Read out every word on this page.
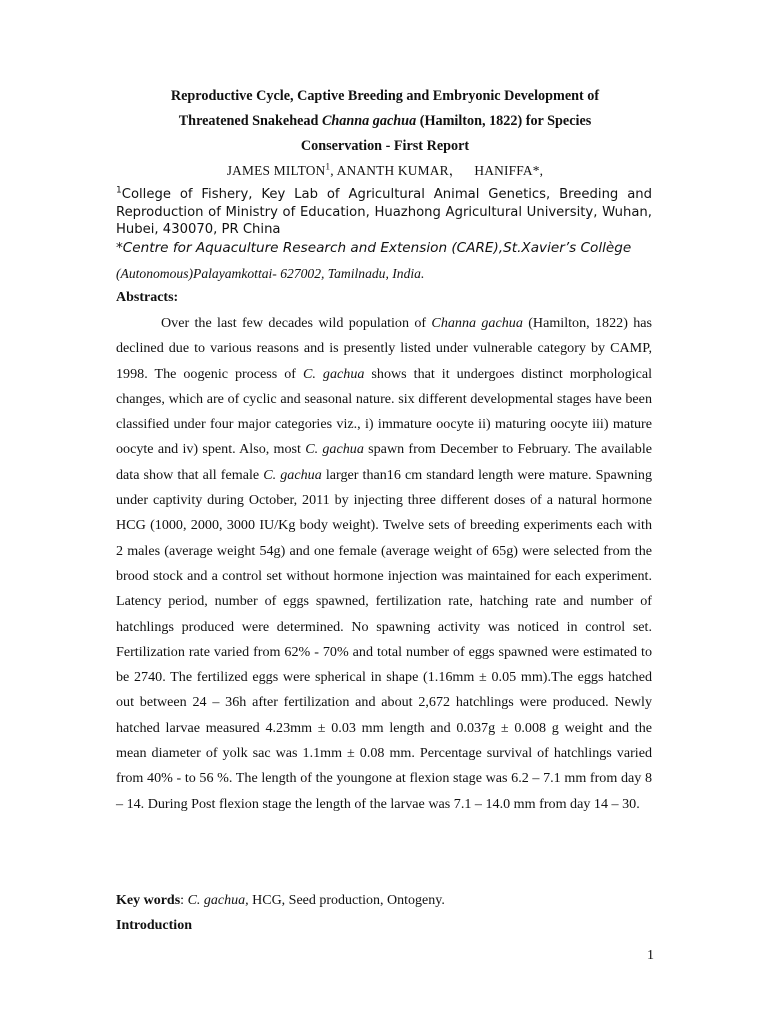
Reproductive Cycle, Captive Breeding and Embryonic Development of
Threatened Snakehead Channa gachua (Hamilton, 1822) for Species
Conservation - First Report
JAMES MILTON$^1$, ANANTH KUMAR， HANIFFA*,
$^1$College of Fishery, Key Lab of Agricultural Animal Genetics, Breeding and Reproduction of Ministry of Education, Huazhong Agricultural University, Wuhan, Hubei, 430070, PR China
*Centre for Aquaculture Research and Extension (CARE),St.Xavier’s Collège
(Autonomous)Palayamkottai- 627002, Tamilnadu, India.
Abstracts:

Over the last few decades wild population of Channa gachua (Hamilton, 1822) has declined due to various reasons and is presently listed under vulnerable category by CAMP, 1998. The oogenic process of C. gachua shows that it undergoes distinct morphological changes, which are of cyclic and seasonal nature. six different developmental stages have been classified under four major categories viz., i) immature oocyte ii) maturing oocyte iii) mature oocyte and iv) spent. Also, most C. gachua spawn from December to February. The available data show that all female C. gachua larger than16 cm standard length were mature. Spawning under captivity during October, 2011 by injecting three different doses of a natural hormone HCG (1000, 2000, 3000 IU/Kg body weight). Twelve sets of breeding experiments each with 2 males (average weight 54g) and one female (average weight of 65g) were selected from the brood stock and a control set without hormone injection was maintained for each experiment. Latency period, number of eggs spawned, fertilization rate, hatching rate and number of hatchlings produced were determined. No spawning activity was noticed in control set. Fertilization rate varied from 62% - 70% and total number of eggs spawned were estimated to be 2740. The fertilized eggs were spherical in shape (1.16mm ± 0.05 mm).The eggs hatched out between 24 – 36h after fertilization and about 2,672 hatchlings were produced. Newly hatched larvae measured 4.23mm ± 0.03 mm length and 0.037g ± 0.008 g weight and the mean diameter of yolk sac was 1.1mm ± 0.08 mm. Percentage survival of hatchlings varied from 40% - to 56 %. The length of the youngone at flexion stage was 6.2 – 7.1 mm from day 8 – 14. During Post flexion stage the length of the larvae was 7.1 – 14.0 mm from day 14 – 30.

Key words: C. gachua, HCG, Seed production, Ontogeny.
Introduction
1
